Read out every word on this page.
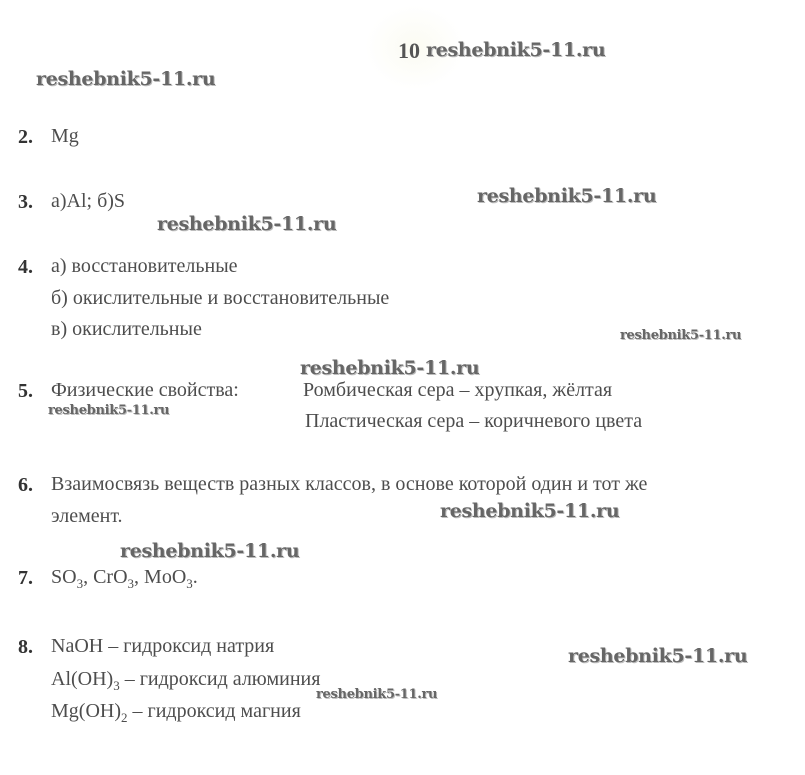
10 reshebnik5-11.ru
reshebnik5-11.ru
2. Mg
3. а)Al; б)S	reshebnik5-11.ru
reshebnik5-11.ru
4. а) восстановительные
б) окислительные и восстановительные
в) окислительные	reshebnik5-11.ru
reshebnik5-11.ru
5. Физические свойства:	Ромбическая сера – хрупкая, жёлтая
reshebnik5-11.ru	Пластическая сера – коричневого цвета
6. Взаимосвязь веществ разных классов, в основе которой один и тот же
элемент.	reshebnik5-11.ru
reshebnik5-11.ru
7. $SO_3$, CrO$_3$, MoO$_3$.
8. NaOH – гидроксид натрия	reshebnik5-11.ru
$Al(OH)_3$ – гидроксид алюминия
reshebnik5-11.ru
$Mg(OH)_2$ – гидроксид магния
